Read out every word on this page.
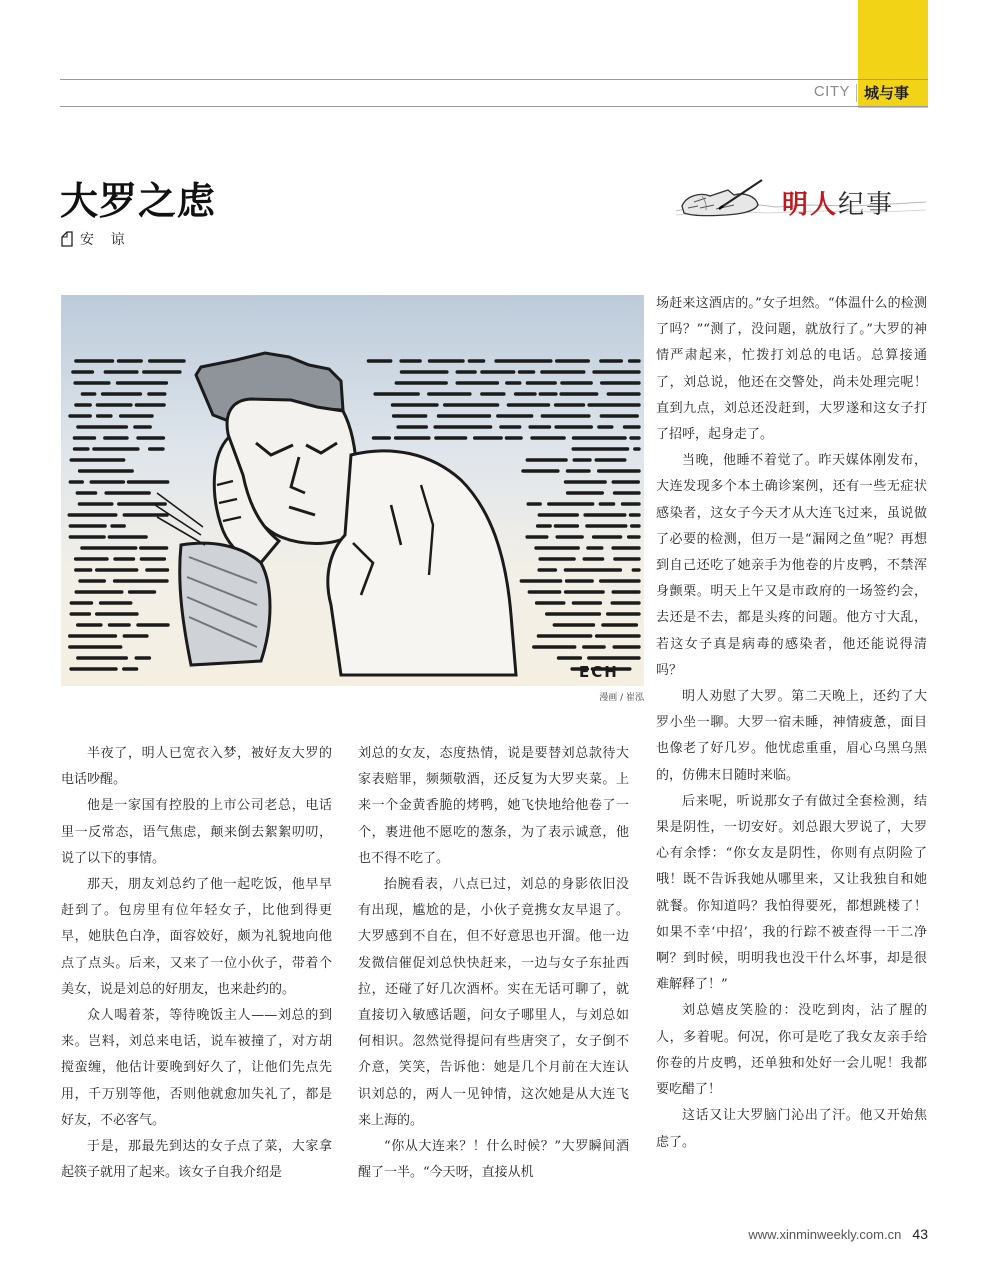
CITY 城与事
大罗之虑
安 谅
明人纪事
ECH
漫画 / 崔泓

半夜了，明人已宽衣入梦，被好友大罗的电话吵醒。

他是一家国有控股的上市公司老总，电话里一反常态，语气焦虑，颠来倒去絮絮叨叨，说了以下的事情。

那天，朋友刘总约了他一起吃饭，他早早赶到了。包房里有位年轻女子，比他到得更早，她肤色白净，面容姣好，颇为礼貌地向他点了点头。后来，又来了一位小伙子，带着个美女，说是刘总的好朋友，也来赴约的。

众人喝着茶，等待晚饭主人——刘总的到来。岂料，刘总来电话，说车被撞了，对方胡搅蛮缠，他估计要晚到好久了，让他们先点先用，千万别等他，否则他就愈加失礼了，都是好友，不必客气。

于是，那最先到达的女子点了菜，大家拿起筷子就用了起来。该女子自我介绍是

刘总的女友，态度热情，说是要替刘总款待大家表赔罪，频频敬酒，还反复为大罗夹菜。上来一个金黄香脆的烤鸭，她飞快地给他卷了一个，裹进他不愿吃的葱条，为了表示诚意，他也不得不吃了。

抬腕看表，八点已过，刘总的身影依旧没有出现，尴尬的是，小伙子竟携女友早退了。大罗感到不自在，但不好意思也开溜。他一边发微信催促刘总快快赶来，一边与女子东扯西拉，还碰了好几次酒杯。实在无话可聊了，就直接切入敏感话题，问女子哪里人，与刘总如何相识。忽然觉得提问有些唐突了，女子倒不介意，笑笑，告诉他：她是几个月前在大连认识刘总的，两人一见钟情，这次她是从大连飞来上海的。

“你从大连来？！什么时候？”大罗瞬间酒醒了一半。“今天呀，直接从机

场赶来这酒店的。”女子坦然。“体温什么的检测了吗？”“测了，没问题，就放行了。”大罗的神情严肃起来，忙拨打刘总的电话。总算接通了，刘总说，他还在交警处，尚未处理完呢！直到九点，刘总还没赶到，大罗遂和这女子打了招呼，起身走了。

当晚，他睡不着觉了。昨天媒体刚发布，大连发现多个本土确诊案例，还有一些无症状感染者，这女子今天才从大连飞过来，虽说做了必要的检测，但万一是“漏网之鱼”呢？再想到自己还吃了她亲手为他卷的片皮鸭，不禁浑身颤栗。明天上午又是市政府的一场签约会，去还是不去，都是头疼的问题。他方寸大乱，若这女子真是病毒的感染者，他还能说得清吗？

明人劝慰了大罗。第二天晚上，还约了大罗小坐一聊。大罗一宿未睡，神情疲惫，面目也像老了好几岁。他忧虑重重，眉心乌黑乌黑的，仿佛末日随时来临。

后来呢，听说那女子有做过全套检测，结果是阴性，一切安好。刘总跟大罗说了，大罗心有余悸：“你女友是阴性，你则有点阴险了哦！既不告诉我她从哪里来，又让我独自和她就餐。你知道吗？我怕得要死，都想跳楼了！如果不幸‘中招’，我的行踪不被查得一干二净啊？到时候，明明我也没干什么坏事，却是很难解释了！”

刘总嬉皮笑脸的：没吃到肉，沾了腥的人，多着呢。何况，你可是吃了我女友亲手给你卷的片皮鸭，还单独和处好一会儿呢！我都要吃醋了！

这话又让大罗脑门沁出了汗。他又开始焦虑了。

www.xinminweekly.com.cn 43
